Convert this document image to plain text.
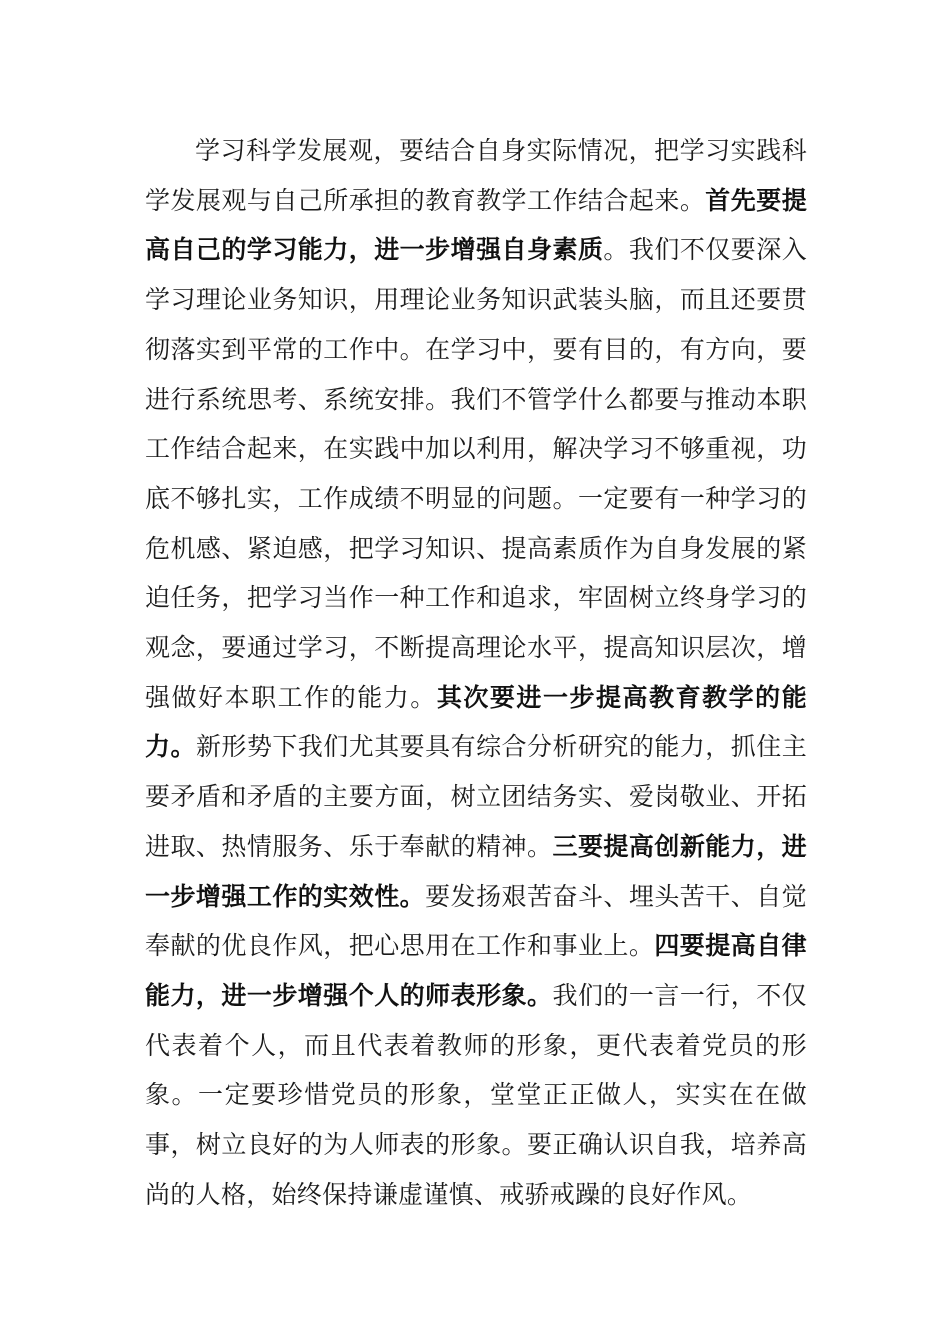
学习科学发展观，要结合自身实际情况，把学习实践科学发展观与自己所承担的教育教学工作结合起来。首先要提高自己的学习能力，进一步增强自身素质。我们不仅要深入学习理论业务知识，用理论业务知识武装头脑，而且还要贯彻落实到平常的工作中。在学习中，要有目的，有方向，要进行系统思考、系统安排。我们不管学什么都要与推动本职工作结合起来，在实践中加以利用，解决学习不够重视，功底不够扎实，工作成绩不明显的问题。一定要有一种学习的危机感、紧迫感，把学习知识、提高素质作为自身发展的紧迫任务，把学习当作一种工作和追求，牢固树立终身学习的观念，要通过学习，不断提高理论水平，提高知识层次，增强做好本职工作的能力。其次要进一步提高教育教学的能力。新形势下我们尤其要具有综合分析研究的能力，抓住主要矛盾和矛盾的主要方面，树立团结务实、爱岗敬业、开拓进取、热情服务、乐于奉献的精神。三要提高创新能力，进一步增强工作的实效性。要发扬艰苦奋斗、埋头苦干、自觉奉献的优良作风，把心思用在工作和事业上。四要提高自律能力，进一步增强个人的师表形象。我们的一言一行，不仅代表着个人，而且代表着教师的形象，更代表着党员的形象。一定要珍惜党员的形象，堂堂正正做人，实实在在做事，树立良好的为人师表的形象。要正确认识自我，培养高尚的人格，始终保持谦虚谨慎、戒骄戒躁的良好作风。
